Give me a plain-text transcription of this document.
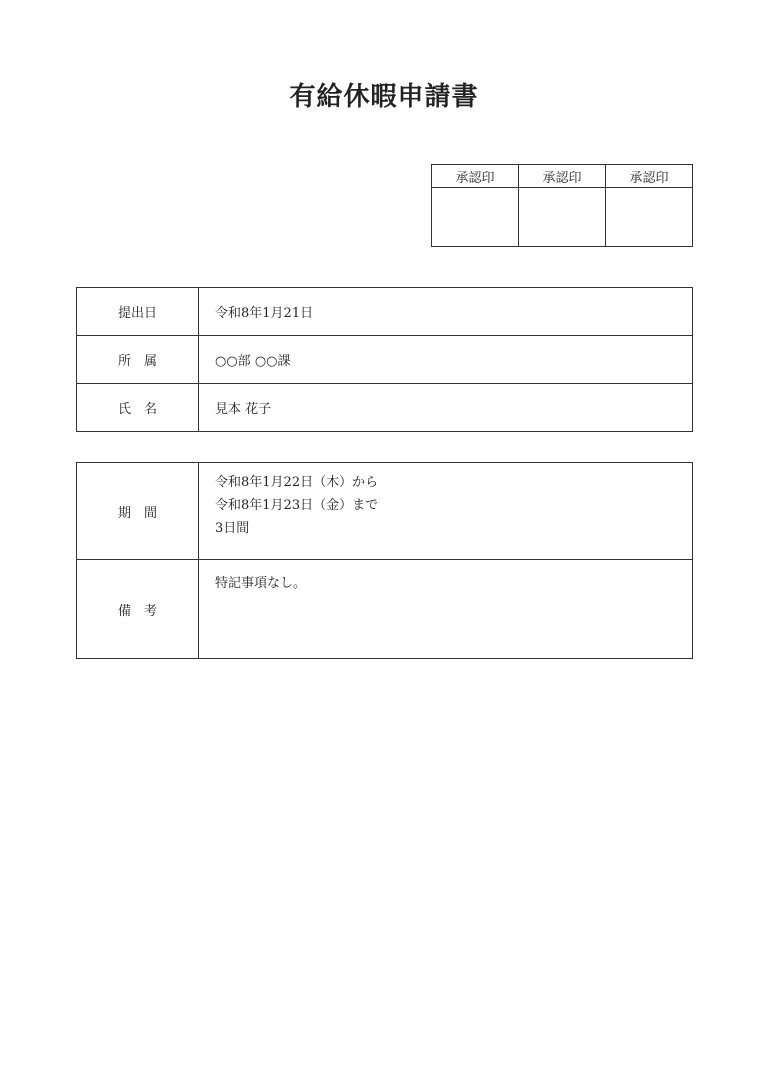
有給休暇申請書
承認印	承認印	承認印

提出日	令和8年1月21日
所　属	○○部 ○○課
氏　名	見本 花子
期　間	令和8年1月22日（木）から
令和8年1月23日（金）まで
3日間

備　考	特記事項なし。
